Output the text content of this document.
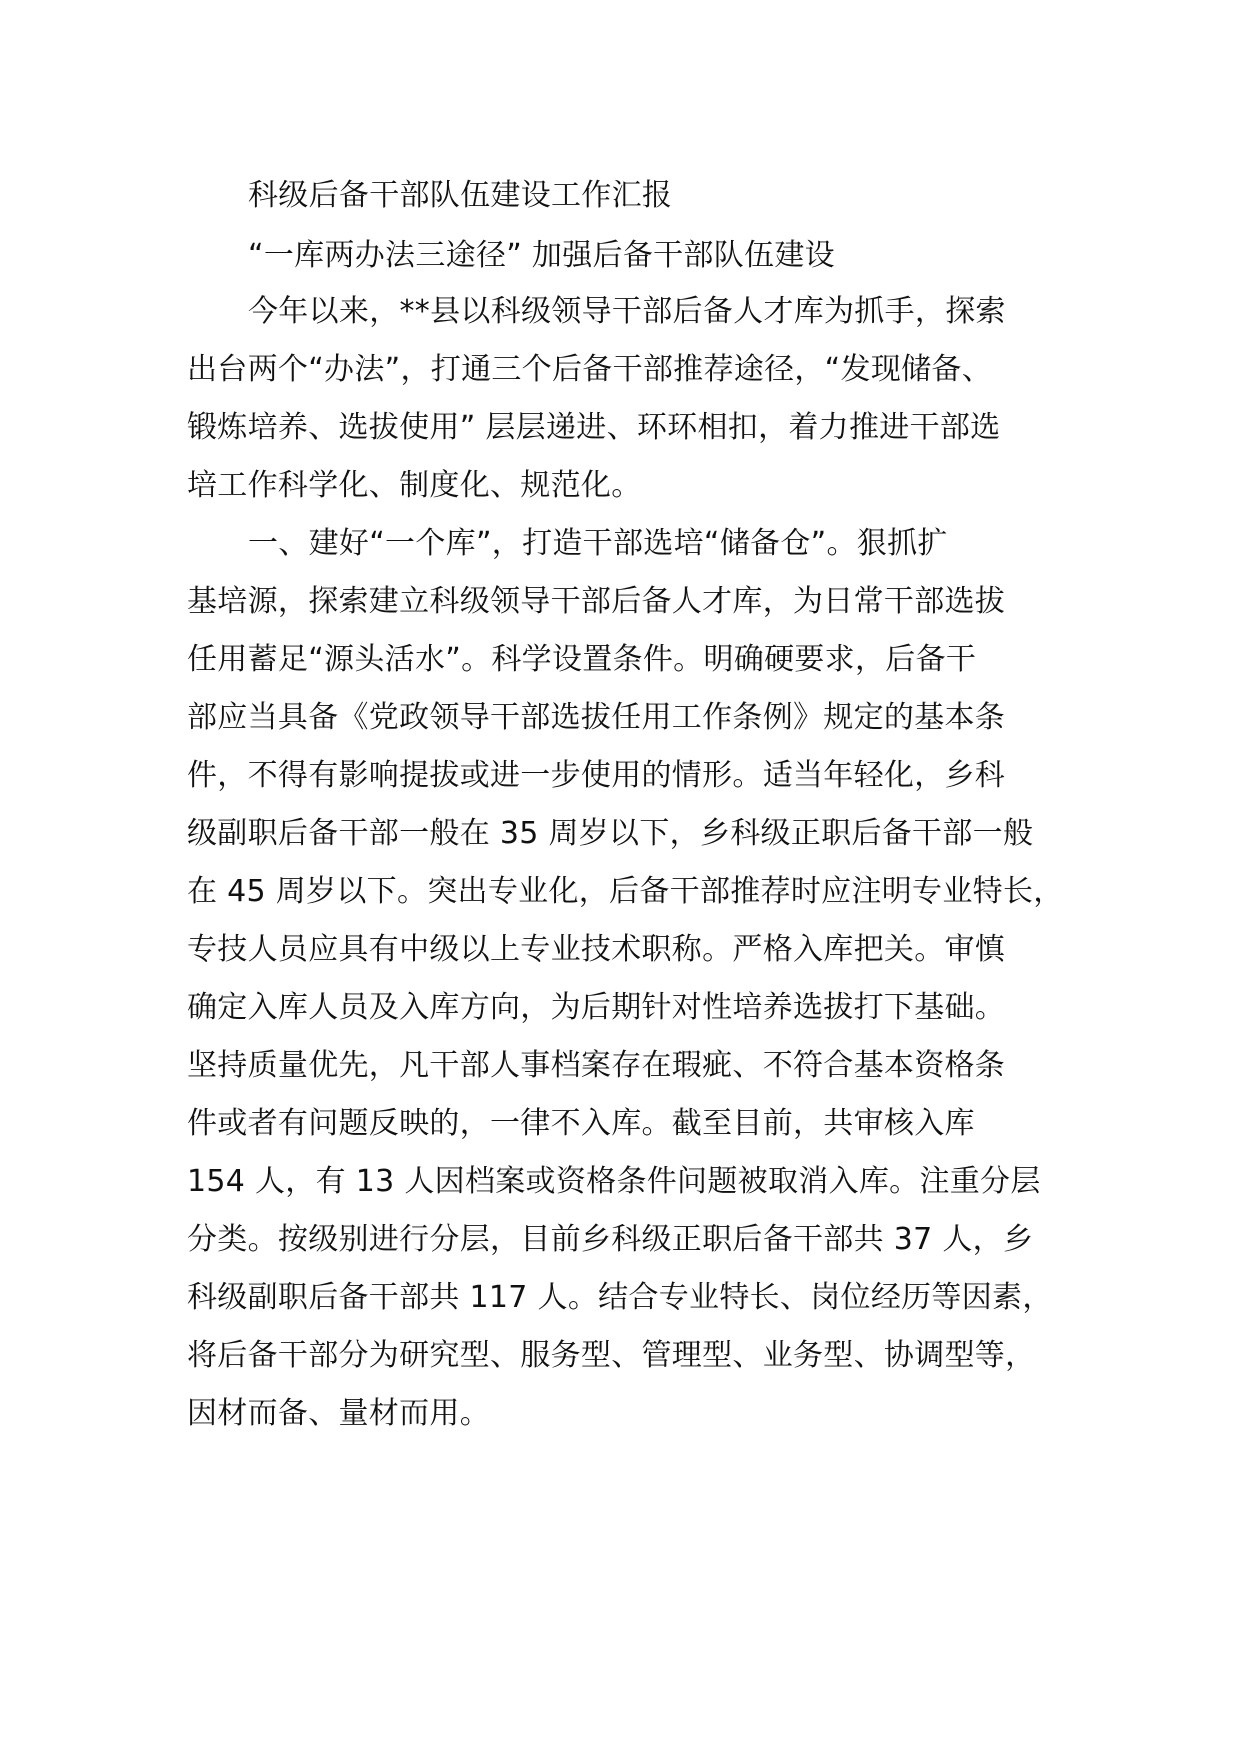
科级后备干部队伍建设工作汇报

“一库两办法三途径” 加强后备干部队伍建设

今年以来，**县以科级领导干部后备人才库为抓手，探索

出台两个“办法”，打通三个后备干部推荐途径，“发现储备、

锻炼培养、选拔使用” 层层递进、环环相扣，着力推进干部选

培工作科学化、制度化、规范化。

一、建好“一个库”，打造干部选培“储备仓”。狠抓扩

基培源，探索建立科级领导干部后备人才库，为日常干部选拔

任用蓄足“源头活水”。科学设置条件。明确硬要求，后备干

部应当具备《党政领导干部选拔任用工作条例》规定的基本条

件，不得有影响提拔或进一步使用的情形。适当年轻化，乡科

级副职后备干部一般在 35 周岁以下，乡科级正职后备干部一般

在 45 周岁以下。突出专业化，后备干部推荐时应注明专业特长，

专技人员应具有中级以上专业技术职称。严格入库把关。审慎

确定入库人员及入库方向，为后期针对性培养选拔打下基础。

坚持质量优先，凡干部人事档案存在瑕疵、不符合基本资格条

件或者有问题反映的，一律不入库。截至目前，共审核入库

154 人，有 13 人因档案或资格条件问题被取消入库。注重分层

分类。按级别进行分层，目前乡科级正职后备干部共 37 人，乡

科级副职后备干部共 117 人。结合专业特长、岗位经历等因素，

将后备干部分为研究型、服务型、管理型、业务型、协调型等，

因材而备、量材而用。
